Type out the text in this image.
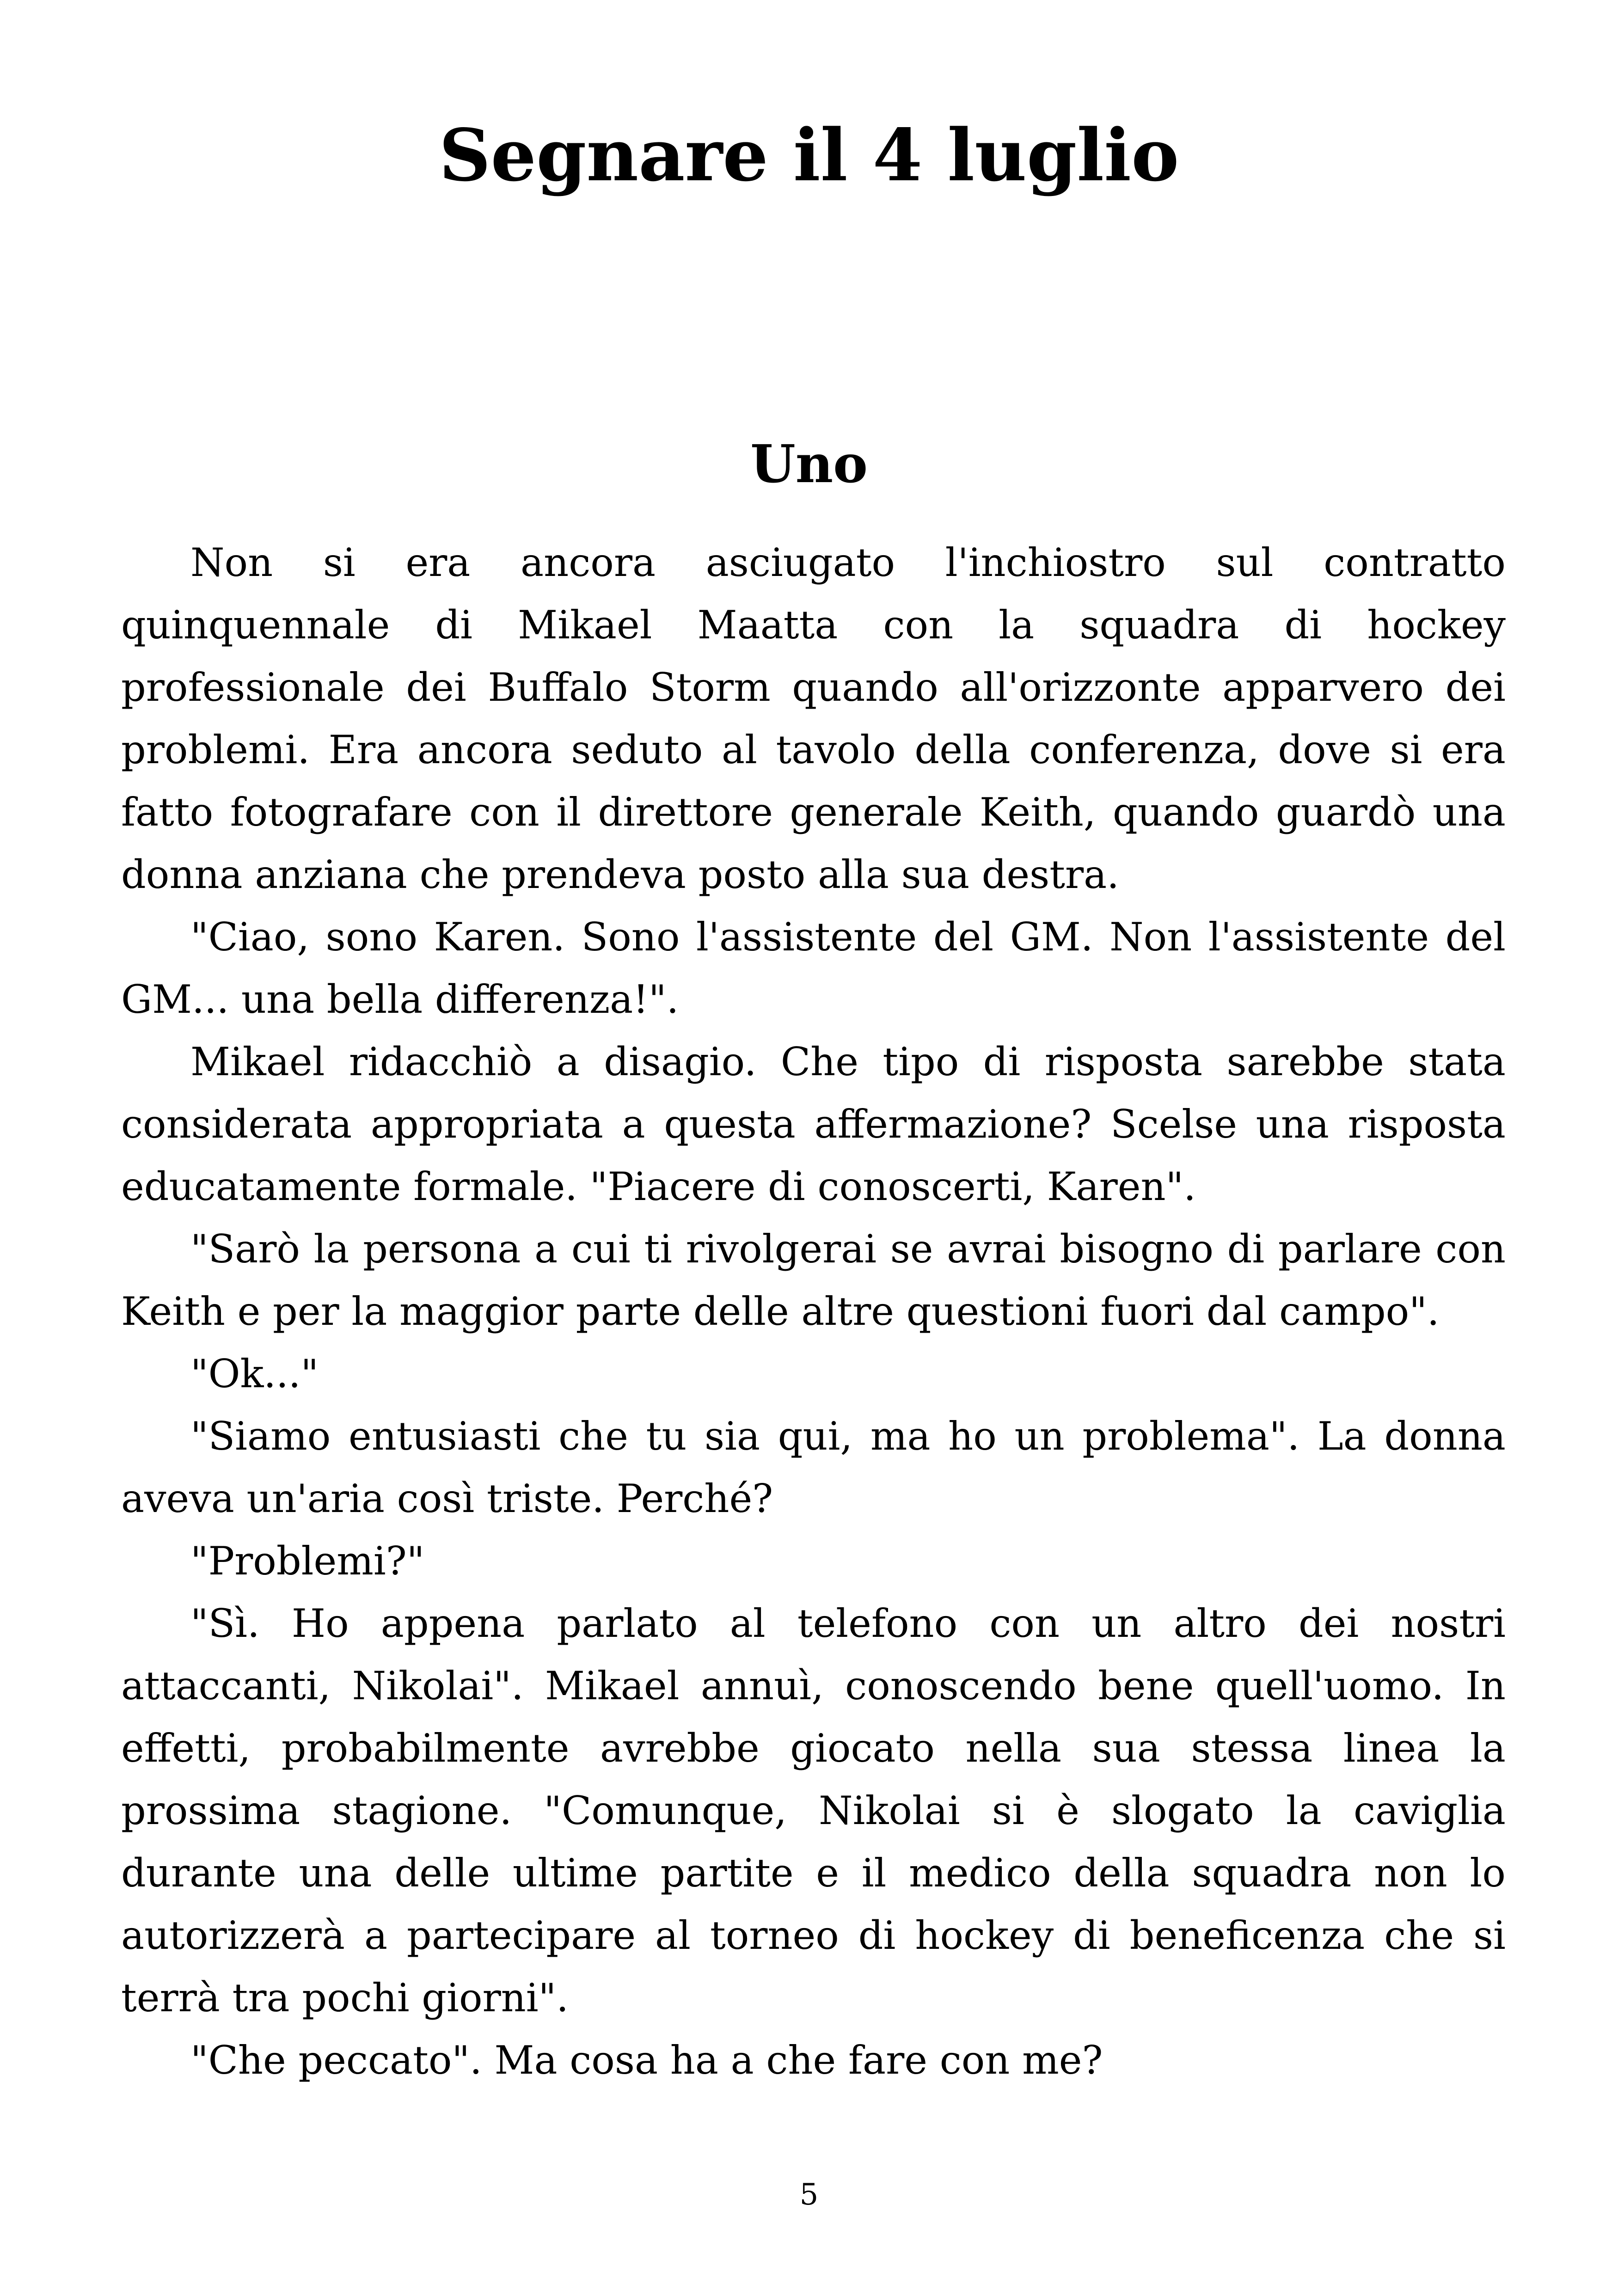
Segnare il 4 luglio
Uno

Non si era ancora asciugato l'inchiostro sul contratto quinquennale di Mikael Maatta con la squadra di hockey professionale dei Buffalo Storm quando all'orizzonte apparvero dei problemi. Era ancora seduto al tavolo della conferenza, dove si era fatto fotografare con il direttore generale Keith, quando guardò una donna anziana che prendeva posto alla sua destra.

"Ciao, sono Karen. Sono l'assistente del GM. Non l'assistente del GM... una bella differenza!".

Mikael ridacchiò a disagio. Che tipo di risposta sarebbe stata considerata appropriata a questa affermazione? Scelse una risposta educatamente formale. "Piacere di conoscerti, Karen".

"Sarò la persona a cui ti rivolgerai se avrai bisogno di parlare con Keith e per la maggior parte delle altre questioni fuori dal campo".

"Ok..."

"Siamo entusiasti che tu sia qui, ma ho un problema". La donna aveva un'aria così triste. Perché?

"Problemi?"

"Sì. Ho appena parlato al telefono con un altro dei nostri attaccanti, Nikolai". Mikael annuì, conoscendo bene quell'uomo. In effetti, probabilmente avrebbe giocato nella sua stessa linea la prossima stagione. "Comunque, Nikolai si è slogato la caviglia durante una delle ultime partite e il medico della squadra non lo autorizzerà a partecipare al torneo di hockey di beneficenza che si terrà tra pochi giorni".

"Che peccato". Ma cosa ha a che fare con me?

5
